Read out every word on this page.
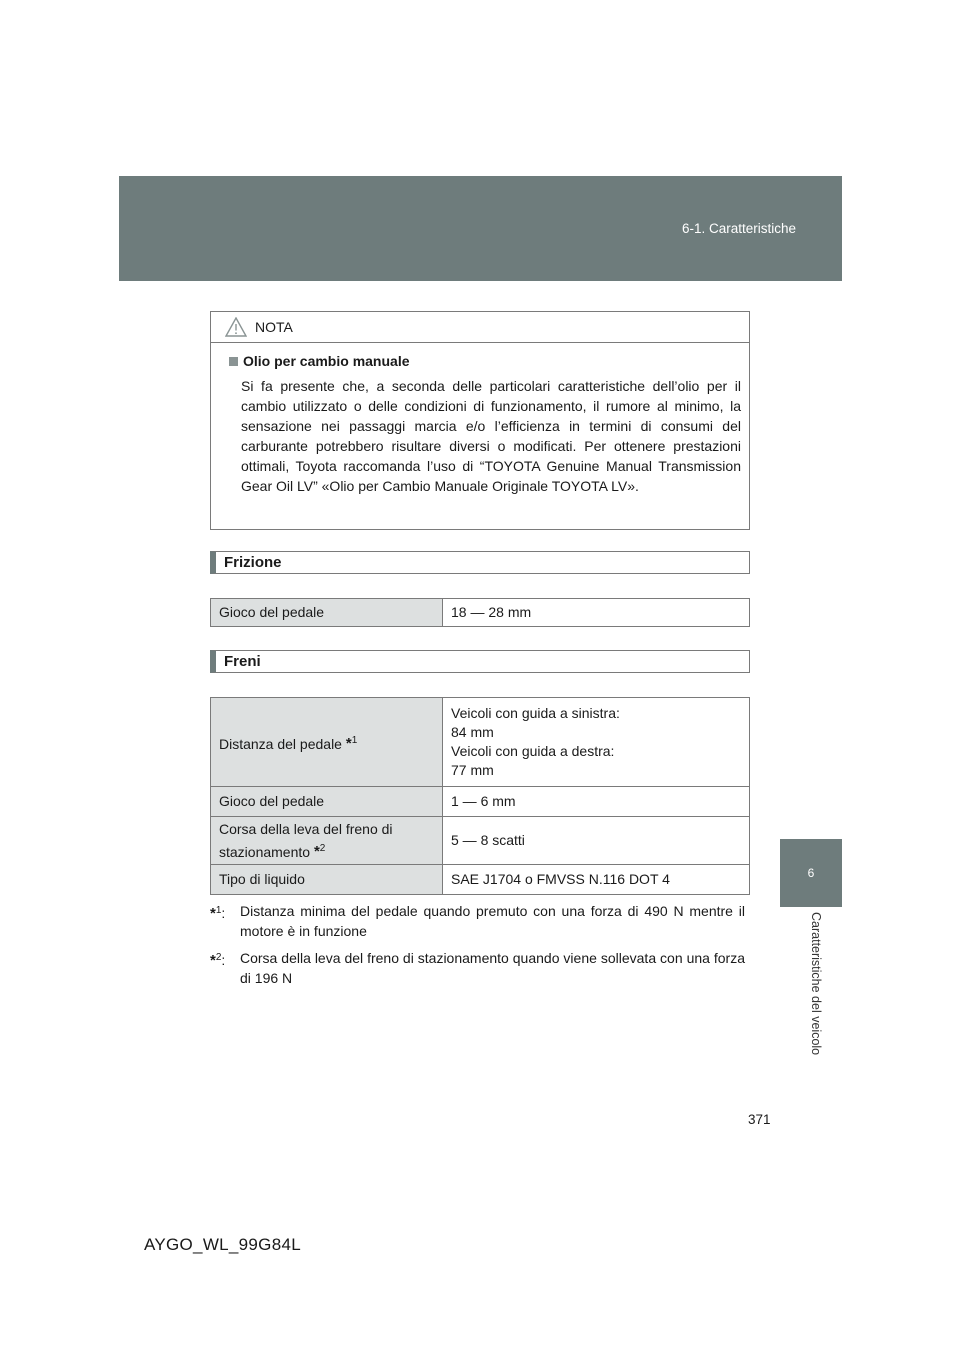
6-1. Caratteristiche
6
Caratteristiche del veicolo
NOTA
Olio per cambio manuale
Si fa presente che, a seconda delle particolari caratteristiche dell’olio per il cambio utilizzato o delle condizioni di funzionamento, il rumore al minimo, la sensazione nei passaggi marcia e/o l’efficienza in termini di consumi del carburante potrebbero risultare diversi o modificati. Per ottenere prestazioni ottimali, Toyota raccomanda l’uso di “TOYOTA Genuine Manual Transmission Gear Oil LV” «Olio per Cambio Manuale Originale TOYOTA LV».
Frizione
Gioco del pedale	18 — 28 mm
Freni
Distanza del pedale $^{*^1}$	Veicoli con guida a sinistra:
84 mm
Veicoli con guida a destra:
77 mm

Gioco del pedale	1 — 6 mm

Corsa della leva del freno di
stazionamento $^{*^2}$	5 — 8 scatti
Tipo di liquido	SAE J1704 o FMVSS N.116 DOT 4
*$^1$: Distanza minima del pedale quando premuto con una forza di 490 N mentre il motore è in funzione
*$^2$: Corsa della leva del freno di stazionamento quando viene sollevata con una forza di 196 N
371
AYGO_WL_99G84L
